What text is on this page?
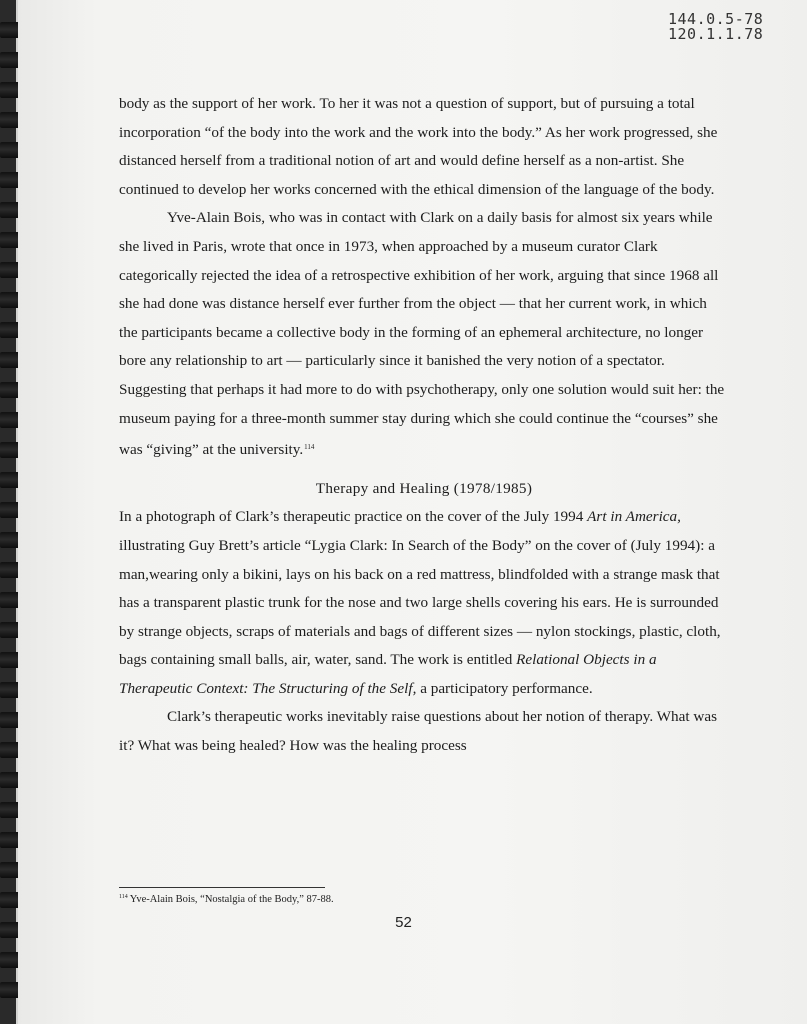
144.0.5-78
120.1.1.78

body as the support of her work. To her it was not a question of support, but of pursuing a total incorporation “of the body into the work and the work into the body.” As her work progressed, she distanced herself from a traditional notion of art and would define herself as a non-artist. She continued to develop her works concerned with the ethical dimension of the language of the body.

Yve-Alain Bois, who was in contact with Clark on a daily basis for almost six years while she lived in Paris, wrote that once in 1973, when approached by a museum curator Clark categorically rejected the idea of a retrospective exhibition of her work, arguing that since 1968 all she had done was distance herself ever further from the object — that her current work, in which the participants became a collective body in the forming of an ephemeral architecture, no longer bore any relationship to art — particularly since it banished the very notion of a spectator. Suggesting that perhaps it had more to do with psychotherapy, only one solution would suit her: the museum paying for a three-month summer stay during which she could continue the “courses” she was “giving” at the university.$^{114}$

Therapy and Healing (1978/1985)

In a photograph of Clark’s therapeutic practice on the cover of the July 1994 Art in America, illustrating Guy Brett’s article “Lygia Clark: In Search of the Body” on the cover of (July 1994): a man,wearing only a bikini, lays on his back on a red mattress, blindfolded with a strange mask that has a transparent plastic trunk for the nose and two large shells covering his ears. He is surrounded by strange objects, scraps of materials and bags of different sizes — nylon stockings, plastic, cloth, bags containing small balls, air, water, sand. The work is entitled Relational Objects in a Therapeutic Context: The Structuring of the Self, a participatory performance.

Clark’s therapeutic works inevitably raise questions about her notion of therapy. What was it? What was being healed? How was the healing process

$^{114}$ Yve-Alain Bois, “Nostalgia of the Body,” 87-88.
52
